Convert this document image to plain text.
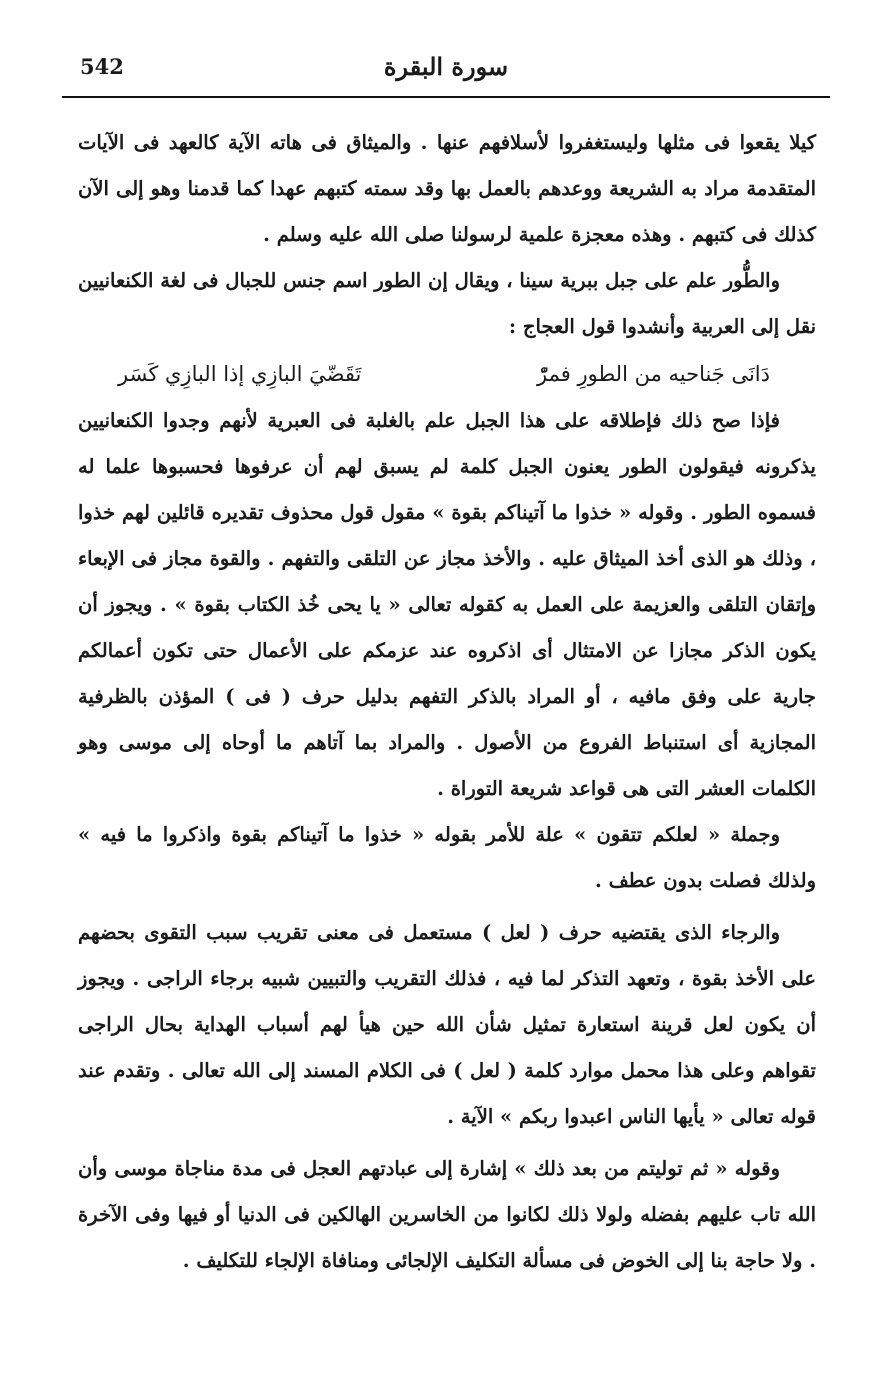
542	سورة البقرة

كيلا يقعوا فى مثلها وليستغفروا لأسلافهم عنها . والميثاق فى هاته الآية كالعهد فى الآيات المتقدمة مراد به الشريعة ووعدهم بالعمل بها وقد سمته كتبهم عهدا كما قدمنا وهو إلى الآن كذلك فى كتبهم . وهذه معجزة علمية لرسولنا صلى الله عليه وسلم .

والطُّور علم على جبل ببرية سينا ، ويقال إن الطور اسم جنس للجبال فى لغة الكنعانيين نقل إلى العربية وأنشدوا قول العجاج :

دَانَى جَناحيه من الطورِ فمرّْ
تَقَضّيَ البازِي إذا البازِي كَسَر

فإذا صح ذلك فإطلاقه على هذا الجبل علم بالغلبة فى العبرية لأنهم وجدوا الكنعانيين يذكرونه فيقولون الطور يعنون الجبل كلمة لم يسبق لهم أن عرفوها فحسبوها علما له فسموه الطور . وقوله « خذوا ما آتيناكم بقوة » مقول قول محذوف تقديره قائلين لهم خذوا ، وذلك هو الذى أخذ الميثاق عليه . والأخذ مجاز عن التلقى والتفهم . والقوة مجاز فى الإبعاء وإتقان التلقى والعزيمة على العمل به كقوله تعالى « يا يحى خُذ الكتاب بقوة » . ويجوز أن يكون الذكر مجازا عن الامتثال أى اذكروه عند عزمكم على الأعمال حتى تكون أعمالكم جارية على وفق مافيه ، أو المراد بالذكر التفهم بدليل حرف ( فى ) المؤذن بالظرفية المجازية أى استنباط الفروع من الأصول . والمراد بما آتاهم ما أوحاه إلى موسى وهو الكلمات العشر التى هى قواعد شريعة التوراة .

وجملة « لعلكم تتقون » علة للأمر بقوله « خذوا ما آتيناكم بقوة واذكروا ما فيه » ولذلك فصلت بدون عطف .

والرجاء الذى يقتضيه حرف ( لعل ) مستعمل فى معنى تقريب سبب التقوى بحضهم على الأخذ بقوة ، وتعهد التذكر لما فيه ، فذلك التقريب والتبيين شبيه برجاء الراجى . ويجوز أن يكون لعل قرينة استعارة تمثيل شأن الله حين هيأ لهم أسباب الهداية بحال الراجى تقواهم وعلى هذا محمل موارد كلمة ( لعل ) فى الكلام المسند إلى الله تعالى . وتقدم عند قوله تعالى « يأيها الناس اعبدوا ربكم » الآية .

وقوله « ثم توليتم من بعد ذلك » إشارة إلى عبادتهم العجل فى مدة مناجاة موسى وأن الله تاب عليهم بفضله ولولا ذلك لكانوا من الخاسرين الهالكين فى الدنيا أو فيها وفى الآخرة . ولا حاجة بنا إلى الخوض فى مسألة التكليف الإلجائى ومنافاة الإلجاء للتكليف .
